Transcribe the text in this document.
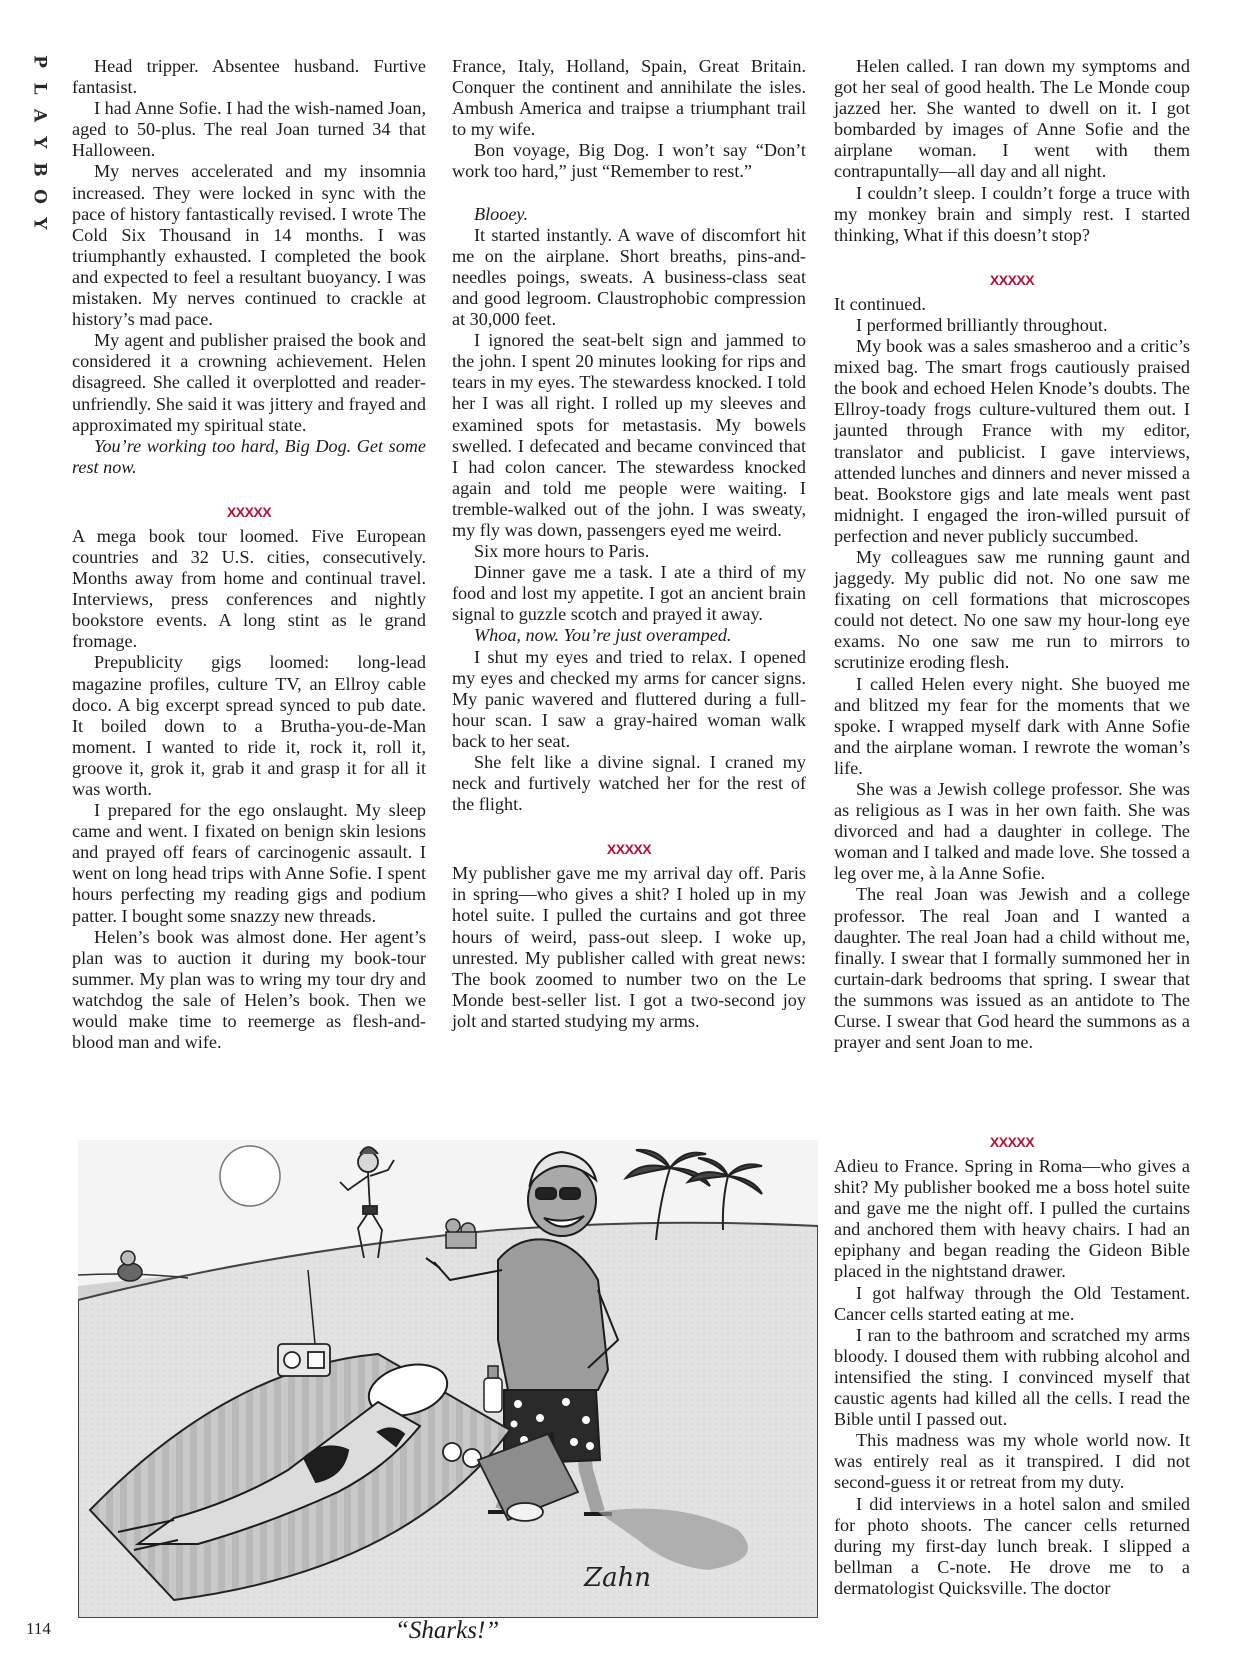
P
L
A
Y
B
O
Y

Head tripper. Absentee husband. Furtive fantasist.

I had Anne Sofie. I had the wish-named Joan, aged to 50-plus. The real Joan turned 34 that Halloween.

My nerves accelerated and my insomnia increased. They were locked in sync with the pace of history fantastically revised. I wrote The Cold Six Thousand in 14 months. I was triumphantly exhausted. I completed the book and expected to feel a resultant buoyancy. I was mistaken. My nerves continued to crackle at history’s mad pace.

My agent and publisher praised the book and considered it a crowning achievement. Helen disagreed. She called it overplotted and reader-unfriendly. She said it was jittery and frayed and approximated my spiritual state.

You’re working too hard, Big Dog. Get some rest now.

XXXXX

A mega book tour loomed. Five European countries and 32 U.S. cities, consecutively. Months away from home and continual travel. Interviews, press conferences and nightly bookstore events. A long stint as le grand fromage.

Prepublicity gigs loomed: long-lead magazine profiles, culture TV, an Ellroy cable doco. A big excerpt spread synced to pub date. It boiled down to a Brutha-you-de-Man moment. I wanted to ride it, rock it, roll it, groove it, grok it, grab it and grasp it for all it was worth.

I prepared for the ego onslaught. My sleep came and went. I fixated on benign skin lesions and prayed off fears of carcinogenic assault. I went on long head trips with Anne Sofie. I spent hours perfecting my reading gigs and podium patter. I bought some snazzy new threads.

Helen’s book was almost done. Her agent’s plan was to auction it during my book-tour summer. My plan was to wring my tour dry and watchdog the sale of Helen’s book. Then we would make time to reemerge as flesh-and-blood man and wife.

France, Italy, Holland, Spain, Great Britain. Conquer the continent and annihilate the isles. Ambush America and traipse a triumphant trail to my wife.

Bon voyage, Big Dog. I won’t say “Don’t work too hard,” just “Remember to rest.”

Blooey.

It started instantly. A wave of discomfort hit me on the airplane. Short breaths, pins-and-needles poings, sweats. A business-class seat and good legroom. Claustrophobic compression at 30,000 feet.

I ignored the seat-belt sign and jammed to the john. I spent 20 minutes looking for rips and tears in my eyes. The stewardess knocked. I told her I was all right. I rolled up my sleeves and examined spots for metastasis. My bowels swelled. I defecated and became convinced that I had colon cancer. The stewardess knocked again and told me people were waiting. I tremble-walked out of the john. I was sweaty, my fly was down, passengers eyed me weird.

Six more hours to Paris.

Dinner gave me a task. I ate a third of my food and lost my appetite. I got an ancient brain signal to guzzle scotch and prayed it away.

Whoa, now. You’re just overamped.

I shut my eyes and tried to relax. I opened my eyes and checked my arms for cancer signs. My panic wavered and fluttered during a full-hour scan. I saw a gray-haired woman walk back to her seat.

She felt like a divine signal. I craned my neck and furtively watched her for the rest of the flight.

XXXXX

My publisher gave me my arrival day off. Paris in spring—who gives a shit? I holed up in my hotel suite. I pulled the curtains and got three hours of weird, pass-out sleep. I woke up, unrested. My publisher called with great news: The book zoomed to number two on the Le Monde best-seller list. I got a two-second joy jolt and started studying my arms.

Helen called. I ran down my symptoms and got her seal of good health. The Le Monde coup jazzed her. She wanted to dwell on it. I got bombarded by images of Anne Sofie and the airplane woman. I went with them contrapuntally—all day and all night.

I couldn’t sleep. I couldn’t forge a truce with my monkey brain and simply rest. I started thinking, What if this doesn’t stop?

XXXXX

It continued.

I performed brilliantly throughout.

My book was a sales smasheroo and a critic’s mixed bag. The smart frogs cautiously praised the book and echoed Helen Knode’s doubts. The Ellroy-toady frogs culture-vultured them out. I jaunted through France with my editor, translator and publicist. I gave interviews, attended lunches and dinners and never missed a beat. Bookstore gigs and late meals went past midnight. I engaged the iron-willed pursuit of perfection and never publicly succumbed.

My colleagues saw me running gaunt and jaggedy. My public did not. No one saw me fixating on cell formations that microscopes could not detect. No one saw my hour-long eye exams. No one saw me run to mirrors to scrutinize eroding flesh.

I called Helen every night. She buoyed me and blitzed my fear for the moments that we spoke. I wrapped myself dark with Anne Sofie and the airplane woman. I rewrote the woman’s life.

She was a Jewish college professor. She was as religious as I was in her own faith. She was divorced and had a daughter in college. The woman and I talked and made love. She tossed a leg over me, à la Anne Sofie.

The real Joan was Jewish and a college professor. The real Joan and I wanted a daughter. The real Joan had a child without me, finally. I swear that I formally summoned her in curtain-dark bedrooms that spring. I swear that the summons was issued as an antidote to The Curse. I swear that God heard the summons as a prayer and sent Joan to me.

XXXXX

Adieu to France. Spring in Roma—who gives a shit? My publisher booked me a boss hotel suite and gave me the night off. I pulled the curtains and anchored them with heavy chairs. I had an epiphany and began reading the Gideon Bible placed in the nightstand drawer.

I got halfway through the Old Testament. Cancer cells started eating at me.

I ran to the bathroom and scratched my arms bloody. I doused them with rubbing alcohol and intensified the sting. I convinced myself that caustic agents had killed all the cells. I read the Bible until I passed out.

This madness was my whole world now. It was entirely real as it transpired. I did not second-guess it or retreat from my duty.

I did interviews in a hotel salon and smiled for photo shoots. The cancer cells returned during my first-day lunch break. I slipped a bellman a C-note. He drove me to a dermatologist Quicksville. The doctor

Zahn
“Sharks!”
114
